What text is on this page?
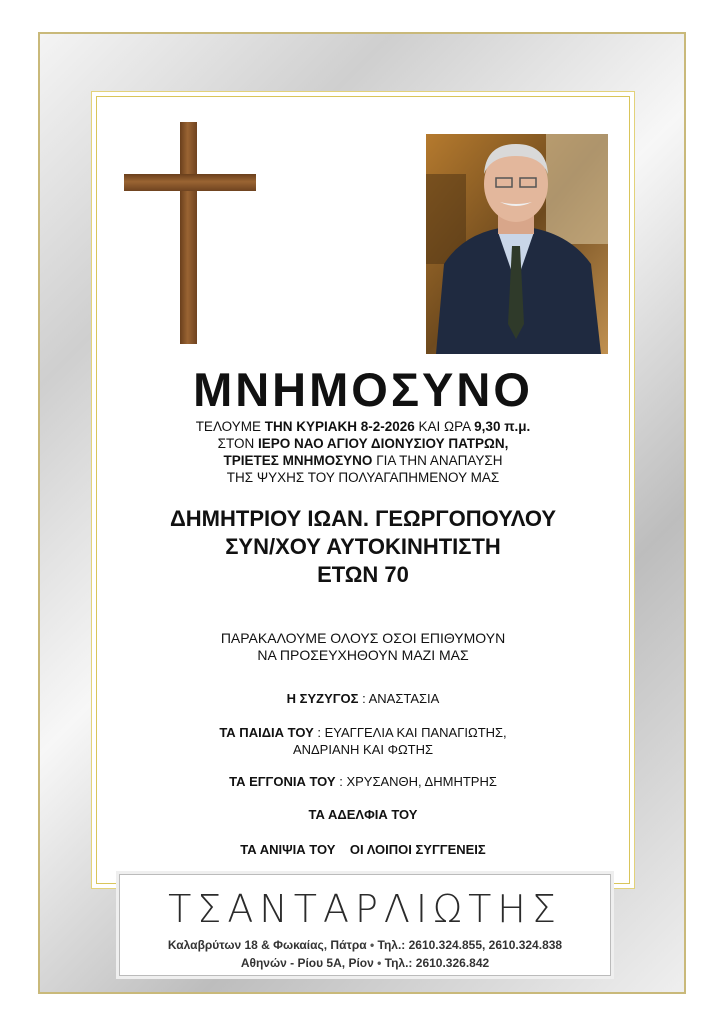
ΜΝΗΜΟΣΥΝΟ
ΤΕΛΟΥΜΕ ΤΗΝ ΚΥΡΙΑΚΗ 8-2-2026 ΚΑΙ ΩΡΑ 9,30 π.μ.
ΣΤΟΝ ΙΕΡΟ ΝΑΟ ΑΓΙΟΥ ΔΙΟΝΥΣΙΟΥ ΠΑΤΡΩΝ,
ΤΡΙΕΤΕΣ ΜΝΗΜΟΣΥΝΟ ΓΙΑ ΤΗΝ ΑΝΑΠΑΥΣΗ
ΤΗΣ ΨΥΧΗΣ ΤΟΥ ΠΟΛΥΑΓΑΠΗΜΕΝΟΥ ΜΑΣ
ΔΗΜΗΤΡΙΟΥ ΙΩΑΝ. ΓΕΩΡΓΟΠΟΥΛΟΥ
ΣΥΝ/ΧΟΥ ΑΥΤΟΚΙΝΗΤΙΣΤΗ
ΕΤΩΝ 70
ΠΑΡΑΚΑΛΟΥΜΕ ΟΛΟΥΣ ΟΣΟΙ ΕΠΙΘΥΜΟΥΝ
ΝΑ ΠΡΟΣΕΥΧΗΘΟΥΝ ΜΑΖΙ ΜΑΣ
Η ΣΥΖΥΓΟΣ : ΑΝΑΣΤΑΣΙΑ
ΤΑ ΠΑΙΔΙΑ ΤΟΥ : ΕΥΑΓΓΕΛΙΑ ΚΑΙ ΠΑΝΑΓΙΩΤΗΣ,
ΑΝΔΡΙΑΝΗ ΚΑΙ ΦΩΤΗΣ
ΤΑ ΕΓΓΟΝΙΑ ΤΟΥ : ΧΡΥΣΑΝΘΗ, ΔΗΜΗΤΡΗΣ
ΤΑ ΑΔΕΛΦΙΑ ΤΟΥ
ΤΑ ΑΝΙΨΙΑ ΤΟΥ ΟΙ ΛΟΙΠΟΙ ΣΥΓΓΕΝΕΙΣ
ΤΣΑΝΤΑΡΛΙΩΤΗΣ
Καλαβρύτων 18 & Φωκαίας, Πάτρα • Τηλ.: 2610.324.855, 2610.324.838
Αθηνών - Ρίου 5Α, Ρίον • Τηλ.: 2610.326.842
